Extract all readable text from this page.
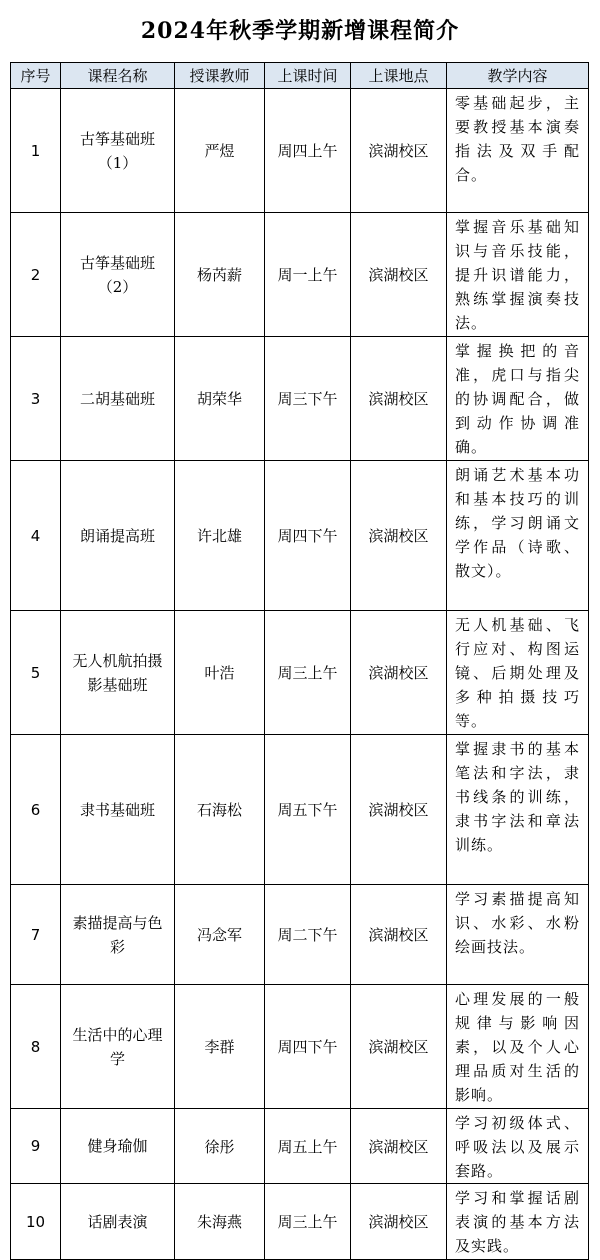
2024年秋季学期新增课程简介
序号	课程名称	授课教师	上课时间	上课地点	教学内容
1	古筝基础班（1）	严煜	周四上午	滨湖校区	零基础起步，主要教授基本演奏指法及双手配合。
2	古筝基础班（2）	杨芮薪	周一上午	滨湖校区	掌握音乐基础知识与音乐技能，提升识谱能力，熟练掌握演奏技法。
3	二胡基础班	胡荣华	周三下午	滨湖校区	掌握换把的音准，虎口与指尖的协调配合，做到动作协调准确。
4	朗诵提高班	许北雄	周四下午	滨湖校区	朗诵艺术基本功和基本技巧的训练，学习朗诵文学作品（诗歌、散文）。
5	无人机航拍摄影基础班	叶浩	周三上午	滨湖校区	无人机基础、飞行应对、构图运镜、后期处理及多种拍摄技巧等。
6	隶书基础班	石海松	周五下午	滨湖校区	掌握隶书的基本笔法和字法，隶书线条的训练，隶书字法和章法训练。
7	素描提高与色彩	冯念军	周二下午	滨湖校区	学习素描提高知识、水彩、水粉绘画技法。
8	生活中的心理学	李群	周四下午	滨湖校区	心理发展的一般规律与影响因素，以及个人心理品质对生活的影响。
9	健身瑜伽	徐彤	周五上午	滨湖校区	学习初级体式、呼吸法以及展示套路。
10	话剧表演	朱海燕	周三上午	滨湖校区	学习和掌握话剧表演的基本方法及实践。
